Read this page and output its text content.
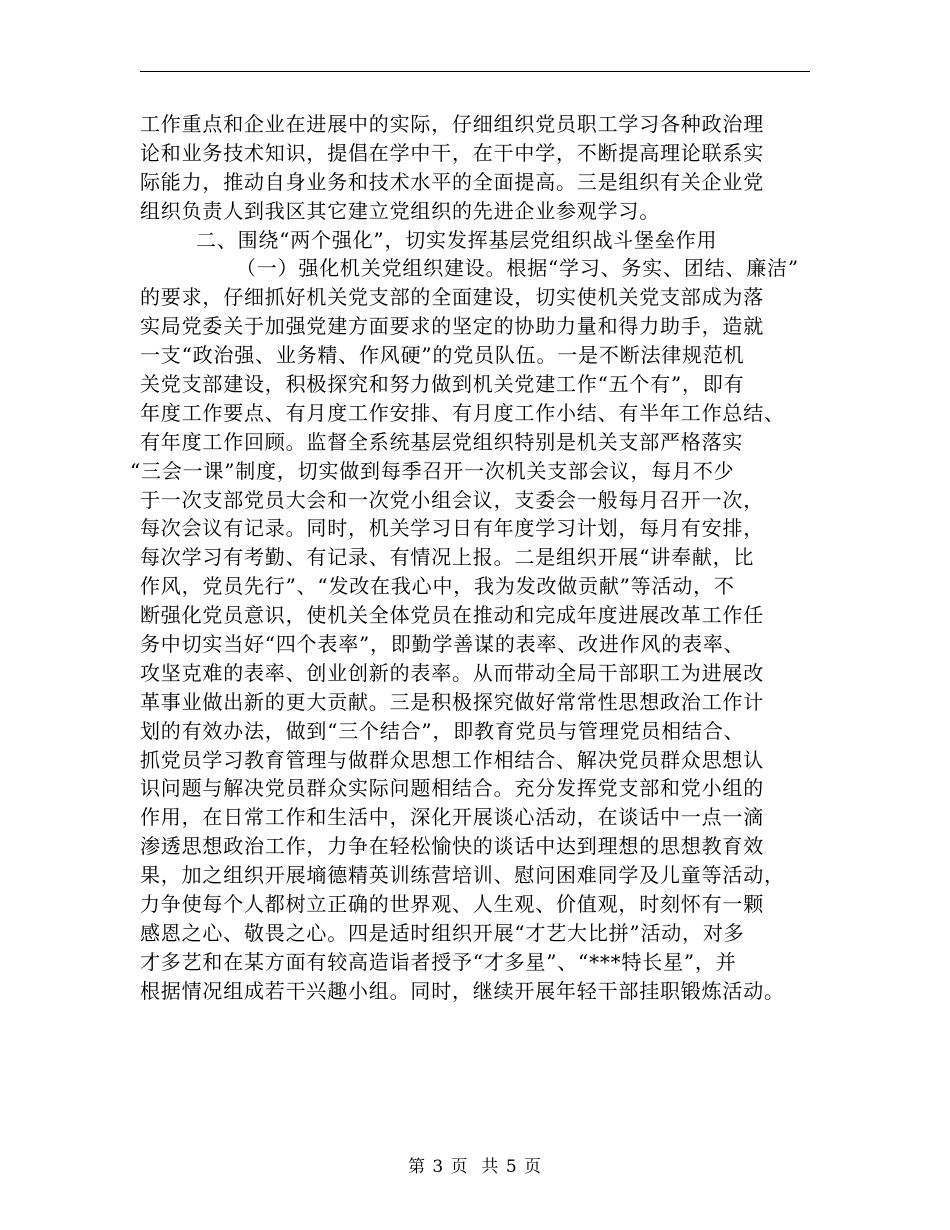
工作重点和企业在进展中的实际，仔细组织党员职工学习各种政治理
论和业务技术知识，提倡在学中干，在干中学，不断提高理论联系实
际能力，推动自身业务和技术水平的全面提高。三是组织有关企业党
组织负责人到我区其它建立党组织的先进企业参观学习。
二、围绕“两个强化”，切实发挥基层党组织战斗堡垒作用
（一）强化机关党组织建设。根据“学习、务实、团结、廉洁”
的要求，仔细抓好机关党支部的全面建设，切实使机关党支部成为落
实局党委关于加强党建方面要求的坚定的协助力量和得力助手，造就
一支“政治强、业务精、作风硬”的党员队伍。一是不断法律规范机
关党支部建设，积极探究和努力做到机关党建工作“五个有”，即有
年度工作要点、有月度工作安排、有月度工作小结、有半年工作总结、
有年度工作回顾。监督全系统基层党组织特别是机关支部严格落实
“三会一课”制度，切实做到每季召开一次机关支部会议，每月不少
于一次支部党员大会和一次党小组会议，支委会一般每月召开一次，
每次会议有记录。同时，机关学习日有年度学习计划，每月有安排，
每次学习有考勤、有记录、有情况上报。二是组织开展“讲奉献，比
作风，党员先行”、“发改在我心中，我为发改做贡献”等活动，不
断强化党员意识，使机关全体党员在推动和完成年度进展改革工作任
务中切实当好“四个表率”，即勤学善谋的表率、改进作风的表率、
攻坚克难的表率、创业创新的表率。从而带动全局干部职工为进展改
革事业做出新的更大贡献。三是积极探究做好常常性思想政治工作计
划的有效办法，做到“三个结合”，即教育党员与管理党员相结合、
抓党员学习教育管理与做群众思想工作相结合、解决党员群众思想认
识问题与解决党员群众实际问题相结合。充分发挥党支部和党小组的
作用，在日常工作和生活中，深化开展谈心活动，在谈话中一点一滴
渗透思想政治工作，力争在轻松愉快的谈话中达到理想的思想教育效
果，加之组织开展墒德精英训练营培训、慰问困难同学及儿童等活动，
力争使每个人都树立正确的世界观、人生观、价值观，时刻怀有一颗
感恩之心、敬畏之心。四是适时组织开展“才艺大比拼”活动，对多
才多艺和在某方面有较高造诣者授予“才多星”、“***特长星”，并
根据情况组成若干兴趣小组。同时，继续开展年轻干部挂职锻炼活动。
第 3 页  共 5 页
